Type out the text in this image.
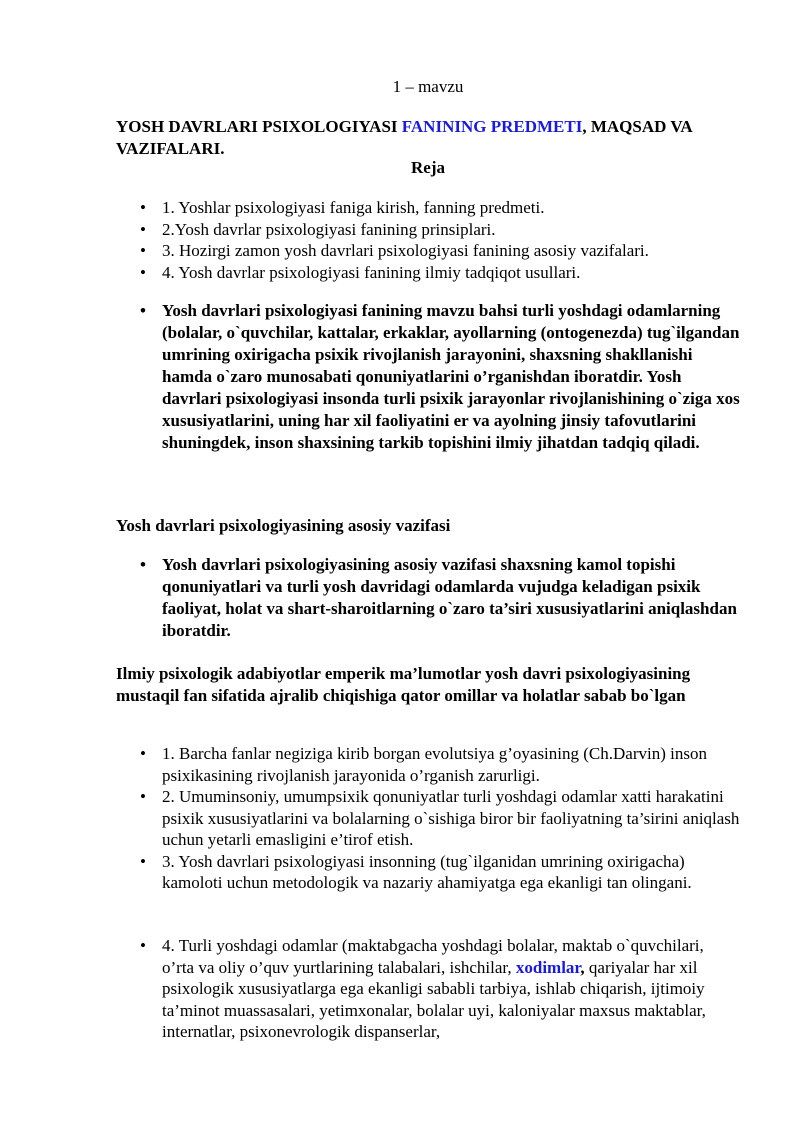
1 – mavzu
YOSH DAVRLARI PSIXOLOGIYASI FANINING PREDMETI, MAQSAD VA VAZIFALARI.
Reja
• 1. Yoshlar psixologiyasi faniga kirish, fanning predmeti.
• 2.Yosh davrlar psixologiyasi fanining prinsiplari.
• 3. Hozirgi zamon yosh davrlari psixologiyasi fanining asosiy vazifalari.
• 4. Yosh davrlar psixologiyasi fanining ilmiy tadqiqot usullari.
• Yosh davrlari psixologiyasi fanining mavzu bahsi turli yoshdagi odamlarning (bolalar, o`quvchilar, kattalar, erkaklar, ayollarning (ontogenezda) tug`ilgandan umrining oxirigacha psixik rivojlanish jarayonini, shaxsning shakllanishi hamda o`zaro munosabati qonuniyatlarini o’rganishdan iboratdir. Yosh davrlari psixologiyasi insonda turli psixik jarayonlar rivojlanishining o`ziga xos xususiyatlarini, uning har xil faoliyatini er va ayolning jinsiy tafovutlarini shuningdek, inson shaxsining tarkib topishini ilmiy jihatdan tadqiq qiladi.
Yosh davrlari psixologiyasining asosiy vazifasi
• Yosh davrlari psixologiyasining asosiy vazifasi shaxsning kamol topishi qonuniyatlari va turli yosh davridagi odamlarda vujudga keladigan psixik faoliyat, holat va shart-sharoitlarning o`zaro ta’siri xususiyatlarini aniqlashdan iboratdir.
Ilmiy psixologik adabiyotlar emperik ma’lumotlar yosh davri psixologiyasining mustaqil fan sifatida ajralib chiqishiga qator omillar va holatlar sabab bo`lgan
• 1. Barcha fanlar negiziga kirib borgan evolutsiya g’oyasining (Ch.Darvin) inson psixikasining rivojlanish jarayonida o’rganish zarurligi.
• 2. Umuminsoniy, umumpsixik qonuniyatlar turli yoshdagi odamlar xatti harakatini psixik xususiyatlarini va bolalarning o`sishiga biror bir faoliyatning ta’sirini aniqlash uchun yetarli emasligini e’tirof etish.
• 3. Yosh davrlari psixologiyasi insonning (tug`ilganidan umrining oxirigacha) kamoloti uchun metodologik va nazariy ahamiyatga ega ekanligi tan olingani.
• 4. Turli yoshdagi odamlar (maktabgacha yoshdagi bolalar, maktab o`quvchilari, o’rta va oliy o’quv yurtlarining talabalari, ishchilar, xodimlar, qariyalar har xil psixologik xususiyatlarga ega ekanligi sababli tarbiya, ishlab chiqarish, ijtimoiy ta’minot muassasalari, yetimxonalar, bolalar uyi, kaloniyalar maxsus maktablar, internatlar, psixonevrologik dispanserlar,
